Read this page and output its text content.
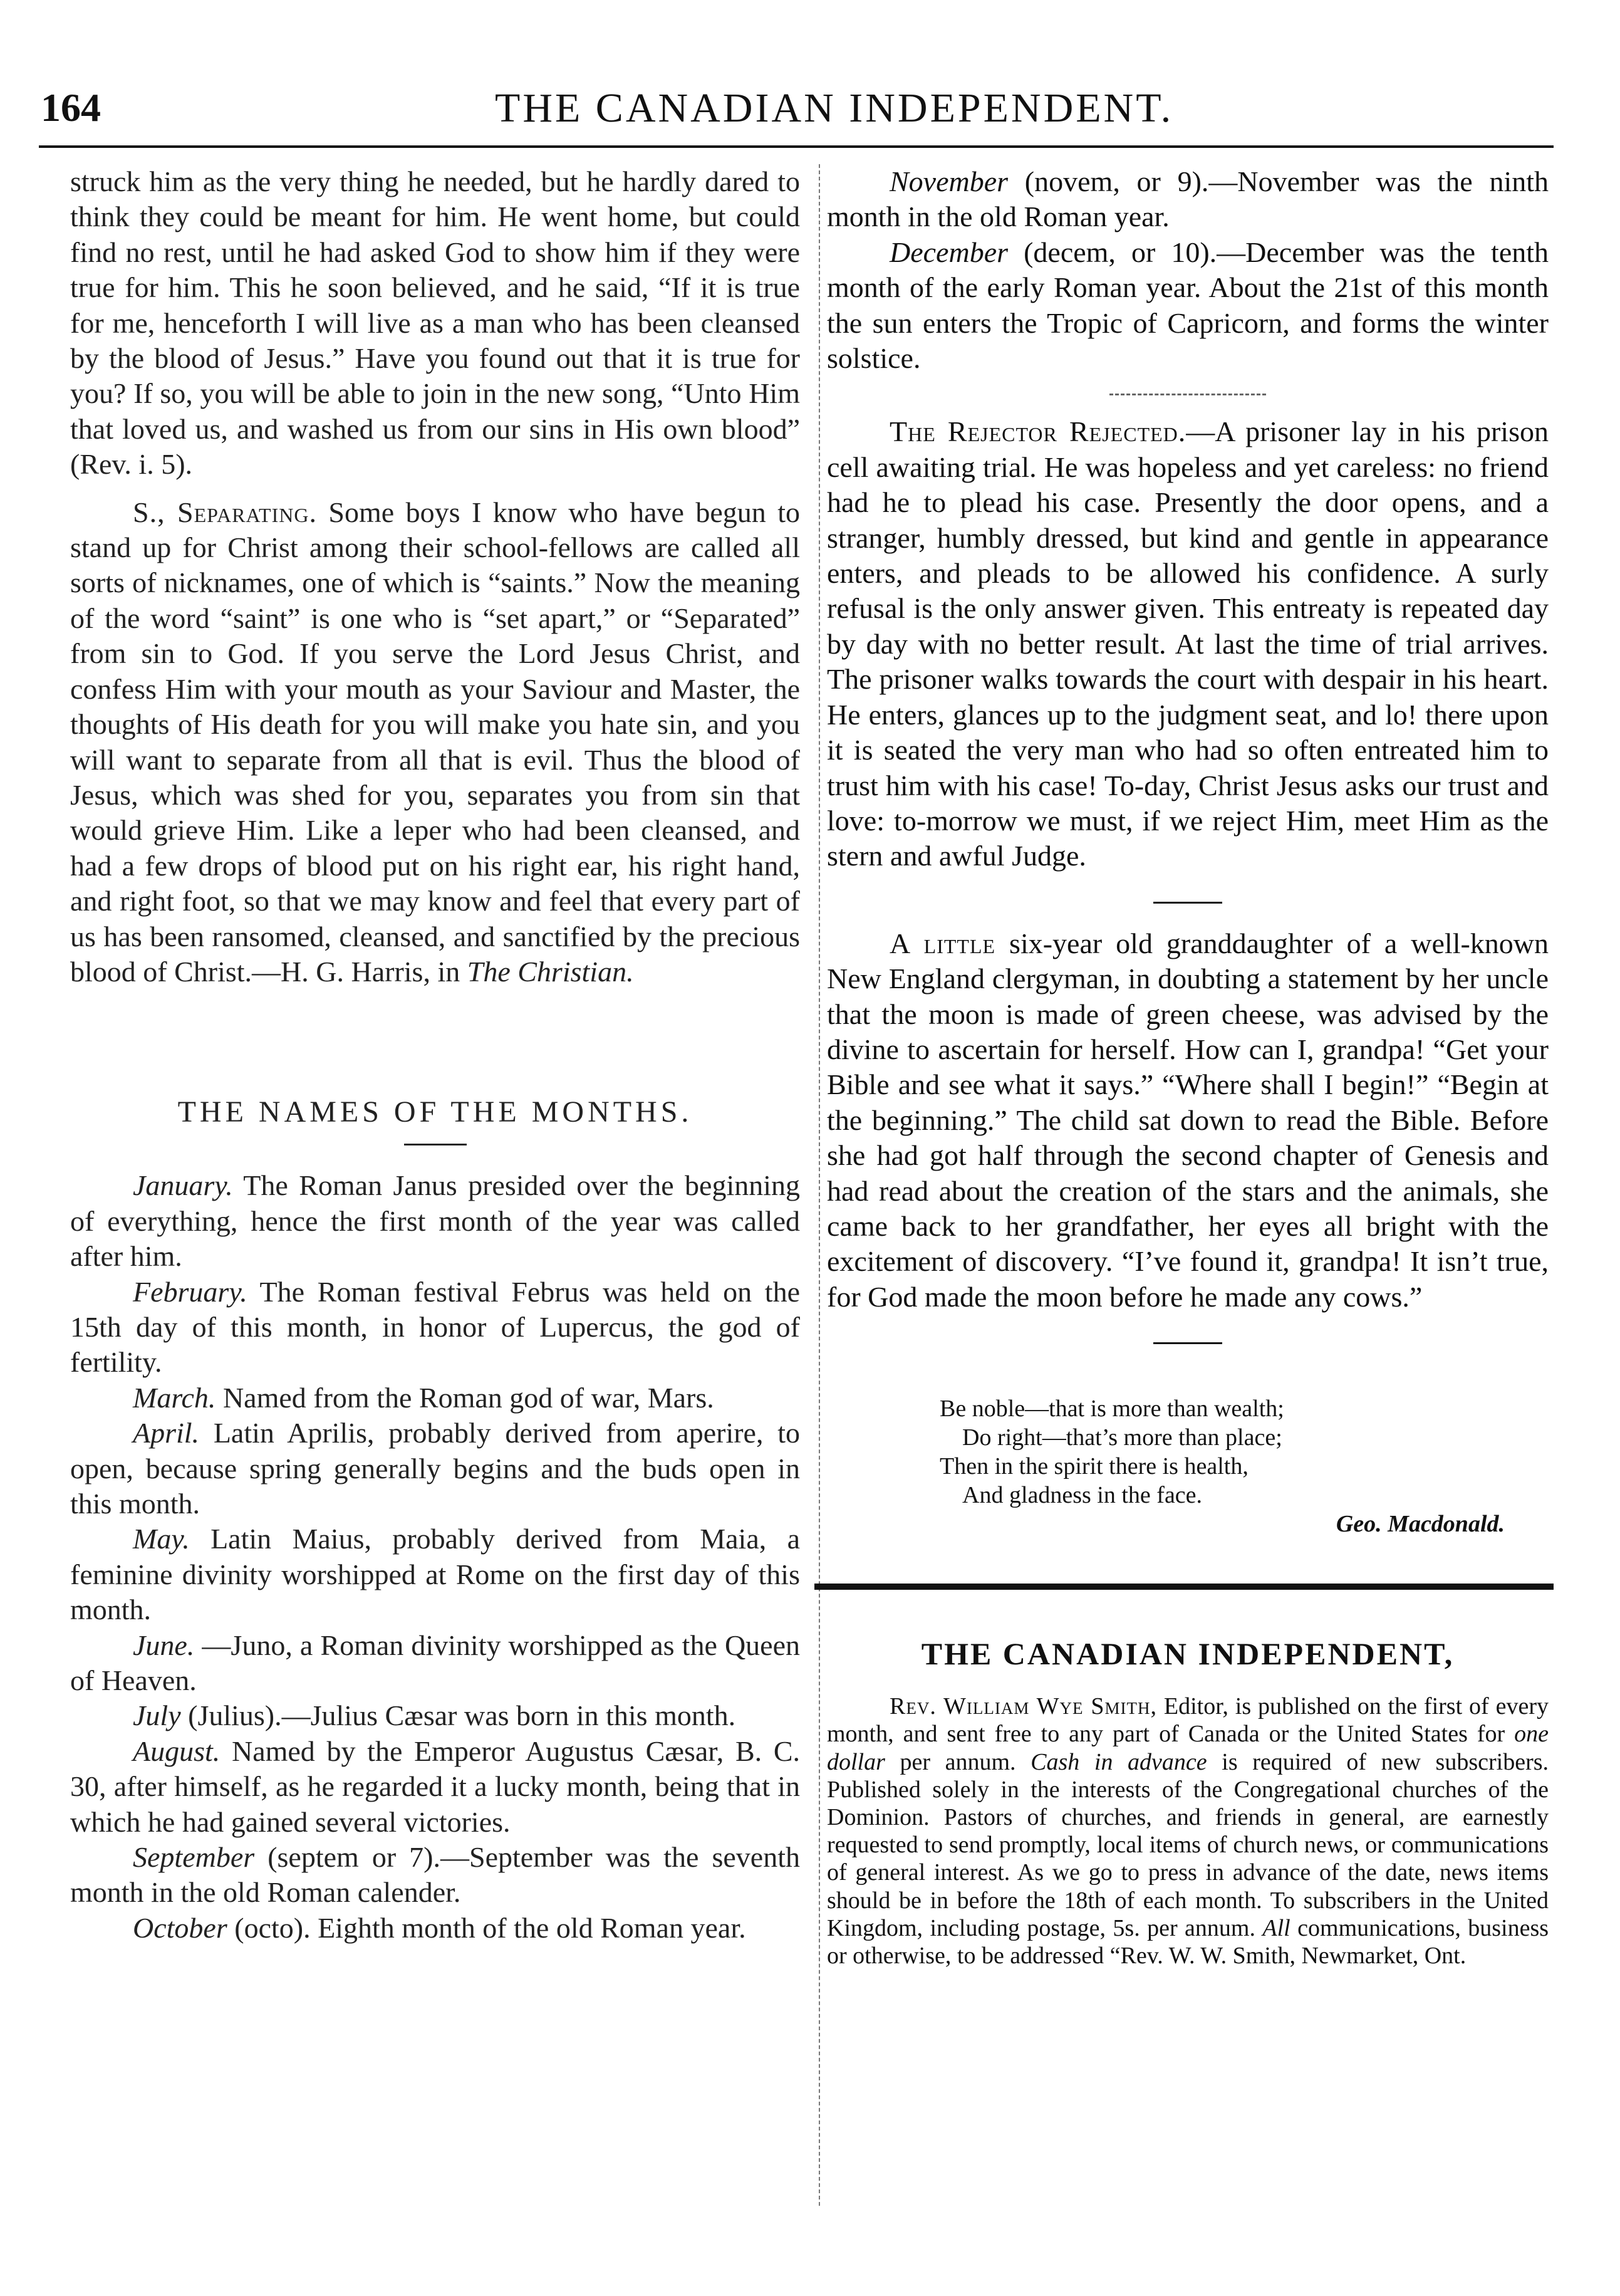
164	THE CANADIAN INDEPENDENT.

struck him as the very thing he needed, but he hardly dared to think they could be meant for him. He went home, but could find no rest, until he had asked God to show him if they were true for him. This he soon believed, and he said, “If it is true for me, henceforth I will live as a man who has been cleansed by the blood of Jesus.” Have you found out that it is true for you? If so, you will be able to join in the new song, “Unto Him that loved us, and washed us from our sins in His own blood” (Rev. i. 5).

S., Separating. Some boys I know who have begun to stand up for Christ among their school-fellows are called all sorts of nicknames, one of which is “saints.” Now the meaning of the word “saint” is one who is “set apart,” or “Separated” from sin to God. If you serve the Lord Jesus Christ, and confess Him with your mouth as your Saviour and Master, the thoughts of His death for you will make you hate sin, and you will want to separate from all that is evil. Thus the blood of Jesus, which was shed for you, separates you from sin that would grieve Him. Like a leper who had been cleansed, and had a few drops of blood put on his right ear, his right hand, and right foot, so that we may know and feel that every part of us has been ransomed, cleansed, and sanctified by the precious blood of Christ.—H. G. Harris, in The Christian.

THE NAMES OF THE MONTHS.

January. The Roman Janus presided over the beginning of everything, hence the first month of the year was called after him.

February. The Roman festival Februs was held on the 15th day of this month, in honor of Lupercus, the god of fertility.

March. Named from the Roman god of war, Mars.

April. Latin Aprilis, probably derived from aperire, to open, because spring generally begins and the buds open in this month.

May. Latin Maius, probably derived from Maia, a feminine divinity worshipped at Rome on the first day of this month.

June. —Juno, a Roman divinity worshipped as the Queen of Heaven.

July (Julius).—Julius Cæsar was born in this month.

August. Named by the Emperor Augustus Cæsar, B. C. 30, after himself, as he regarded it a lucky month, being that in which he had gained several victories.

September (septem or 7).—September was the seventh month in the old Roman calender.

October (octo). Eighth month of the old Roman year.

November (novem, or 9).—November was the ninth month in the old Roman year.

December (decem, or 10).—December was the tenth month of the early Roman year. About the 21st of this month the sun enters the Tropic of Capricorn, and forms the winter solstice.

The Rejector Rejected.—A prisoner lay in his prison cell awaiting trial. He was hopeless and yet careless: no friend had he to plead his case. Presently the door opens, and a stranger, humbly dressed, but kind and gentle in appearance enters, and pleads to be allowed his confidence. A surly refusal is the only answer given. This entreaty is repeated day by day with no better result. At last the time of trial arrives. The prisoner walks towards the court with despair in his heart. He enters, glances up to the judgment seat, and lo! there upon it is seated the very man who had so often entreated him to trust him with his case! To-day, Christ Jesus asks our trust and love: to-morrow we must, if we reject Him, meet Him as the stern and awful Judge.

A little six-year old granddaughter of a well-known New England clergyman, in doubting a statement by her uncle that the moon is made of green cheese, was advised by the divine to ascertain for herself. How can I, grandpa! “Get your Bible and see what it says.” “Where shall I begin!” “Begin at the beginning.” The child sat down to read the Bible. Before she had got half through the second chapter of Genesis and had read about the creation of the stars and the animals, she came back to her grandfather, her eyes all bright with the excitement of discovery. “I’ve found it, grandpa! It isn’t true, for God made the moon before he made any cows.”

Be noble—that is more than wealth;
Do right—that’s more than place;
Then in the spirit there is health,
And gladness in the face.
Geo. Macdonald.
THE CANADIAN INDEPENDENT,

Rev. William Wye Smith, Editor, is published on the first of every month, and sent free to any part of Canada or the United States for one dollar per annum. Cash in advance is required of new subscribers. Published solely in the interests of the Congregational churches of the Dominion. Pastors of churches, and friends in general, are earnestly requested to send promptly, local items of church news, or communications of general interest. As we go to press in advance of the date, news items should be in before the 18th of each month. To subscribers in the United Kingdom, including postage, 5s. per annum. All communications, business or otherwise, to be addressed “Rev. W. W. Smith, Newmarket, Ont.
